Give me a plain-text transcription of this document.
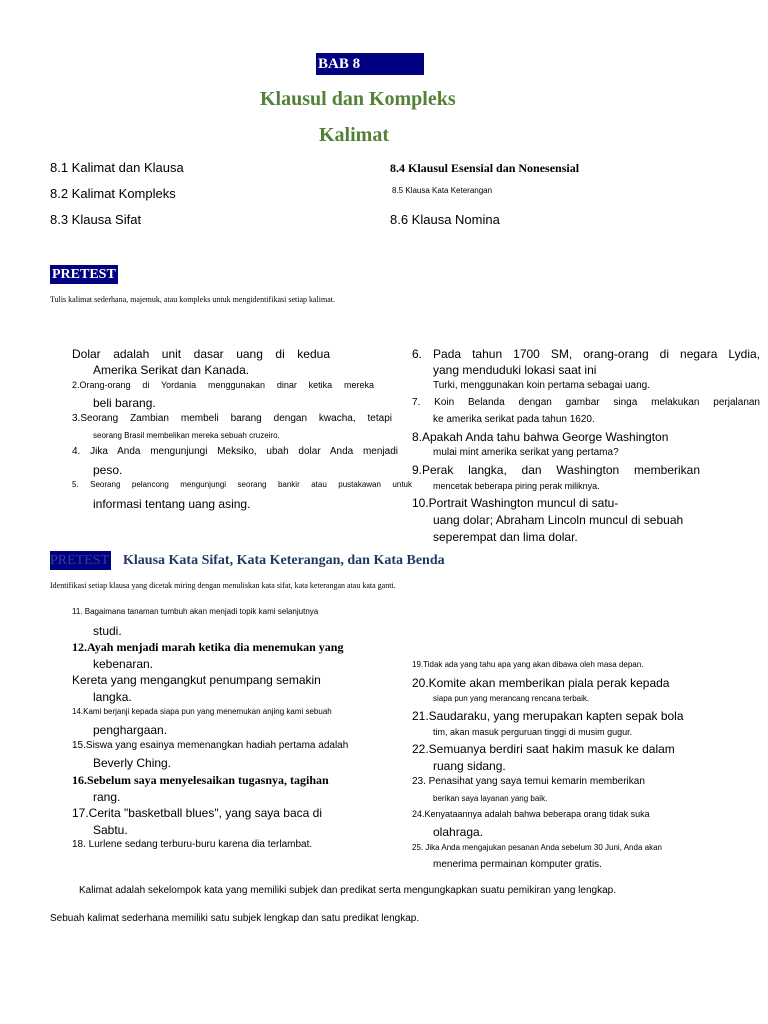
BAB 8
Klausul dan Kompleks
Kalimat
8.1 Kalimat dan Klausa
8.2 Kalimat Kompleks
8.3 Klausa Sifat
8.4 Klausul Esensial dan Nonesensial
8.5 Klausa Kata Keterangan
8.6 Klausa Nomina
PRETEST
Tulis kalimat sederhana, majemuk, atau kompleks untuk mengidentifikasi setiap kalimat.
Dolar adalah unit dasar uang di kedua
Amerika Serikat dan Kanada.
2.Orang-orang di Yordania menggunakan dinar ketika mereka
beli barang.
3.Seorang Zambian membeli barang dengan kwacha, tetapi
seorang Brasil membelikan mereka sebuah cruzeiro.
4. Jika Anda mengunjungi Meksiko, ubah dolar Anda menjadi
peso.
5. Seorang pelancong mengunjungi seorang bankir atau pustakawan untuk
informasi tentang uang asing.
6. Pada tahun 1700 SM, orang-orang di negara Lydia,
yang menduduki lokasi saat ini
Turki, menggunakan koin pertama sebagai uang.
7. Koin Belanda dengan gambar singa melakukan perjalanan
ke amerika serikat pada tahun 1620.
8.Apakah Anda tahu bahwa George Washington
mulai mint amerika serikat yang pertama?
9.Perak langka, dan Washington memberikan
mencetak beberapa piring perak miliknya.
10.Portrait Washington muncul di satu-
uang dolar; Abraham Lincoln muncul di sebuah
seperempat dan lima dolar.
PRETEST Klausa Kata Sifat, Kata Keterangan, dan Kata Benda
Identifikasi setiap klausa yang dicetak miring dengan menuliskan kata sifat, kata keterangan atau kata ganti.
11. Bagaimana tanaman tumbuh akan menjadi topik kami selanjutnya
studi.
12.Ayah menjadi marah ketika dia menemukan yang
kebenaran.
Kereta yang mengangkut penumpang semakin
langka.
14.Kami berjanji kepada siapa pun yang menemukan anjing kami sebuah
penghargaan.
15.Siswa yang esainya memenangkan hadiah pertama adalah
Beverly Ching.
16.Sebelum saya menyelesaikan tugasnya, tagihan
rang.
17.Cerita "basketball blues", yang saya baca di
Sabtu.
18. Lurlene sedang terburu-buru karena dia terlambat.
19.Tidak ada yang tahu apa yang akan dibawa oleh masa depan.
20.Komite akan memberikan piala perak kepada
siapa pun yang merancang rencana terbaik.
21.Saudaraku, yang merupakan kapten sepak bola
tim, akan masuk perguruan tinggi di musim gugur.
22.Semuanya berdiri saat hakim masuk ke dalam
ruang sidang.
23. Penasihat yang saya temui kemarin memberikan
berikan saya layanan yang baik.
24.Kenyataannya adalah bahwa beberapa orang tidak suka
olahraga.
25. Jika Anda mengajukan pesanan Anda sebelum 30 Juni, Anda akan
menerima permainan komputer gratis.
Kalimat adalah sekelompok kata yang memiliki subjek dan predikat serta mengungkapkan suatu pemikiran yang lengkap.
Sebuah kalimat sederhana memiliki satu subjek lengkap dan satu predikat lengkap.
